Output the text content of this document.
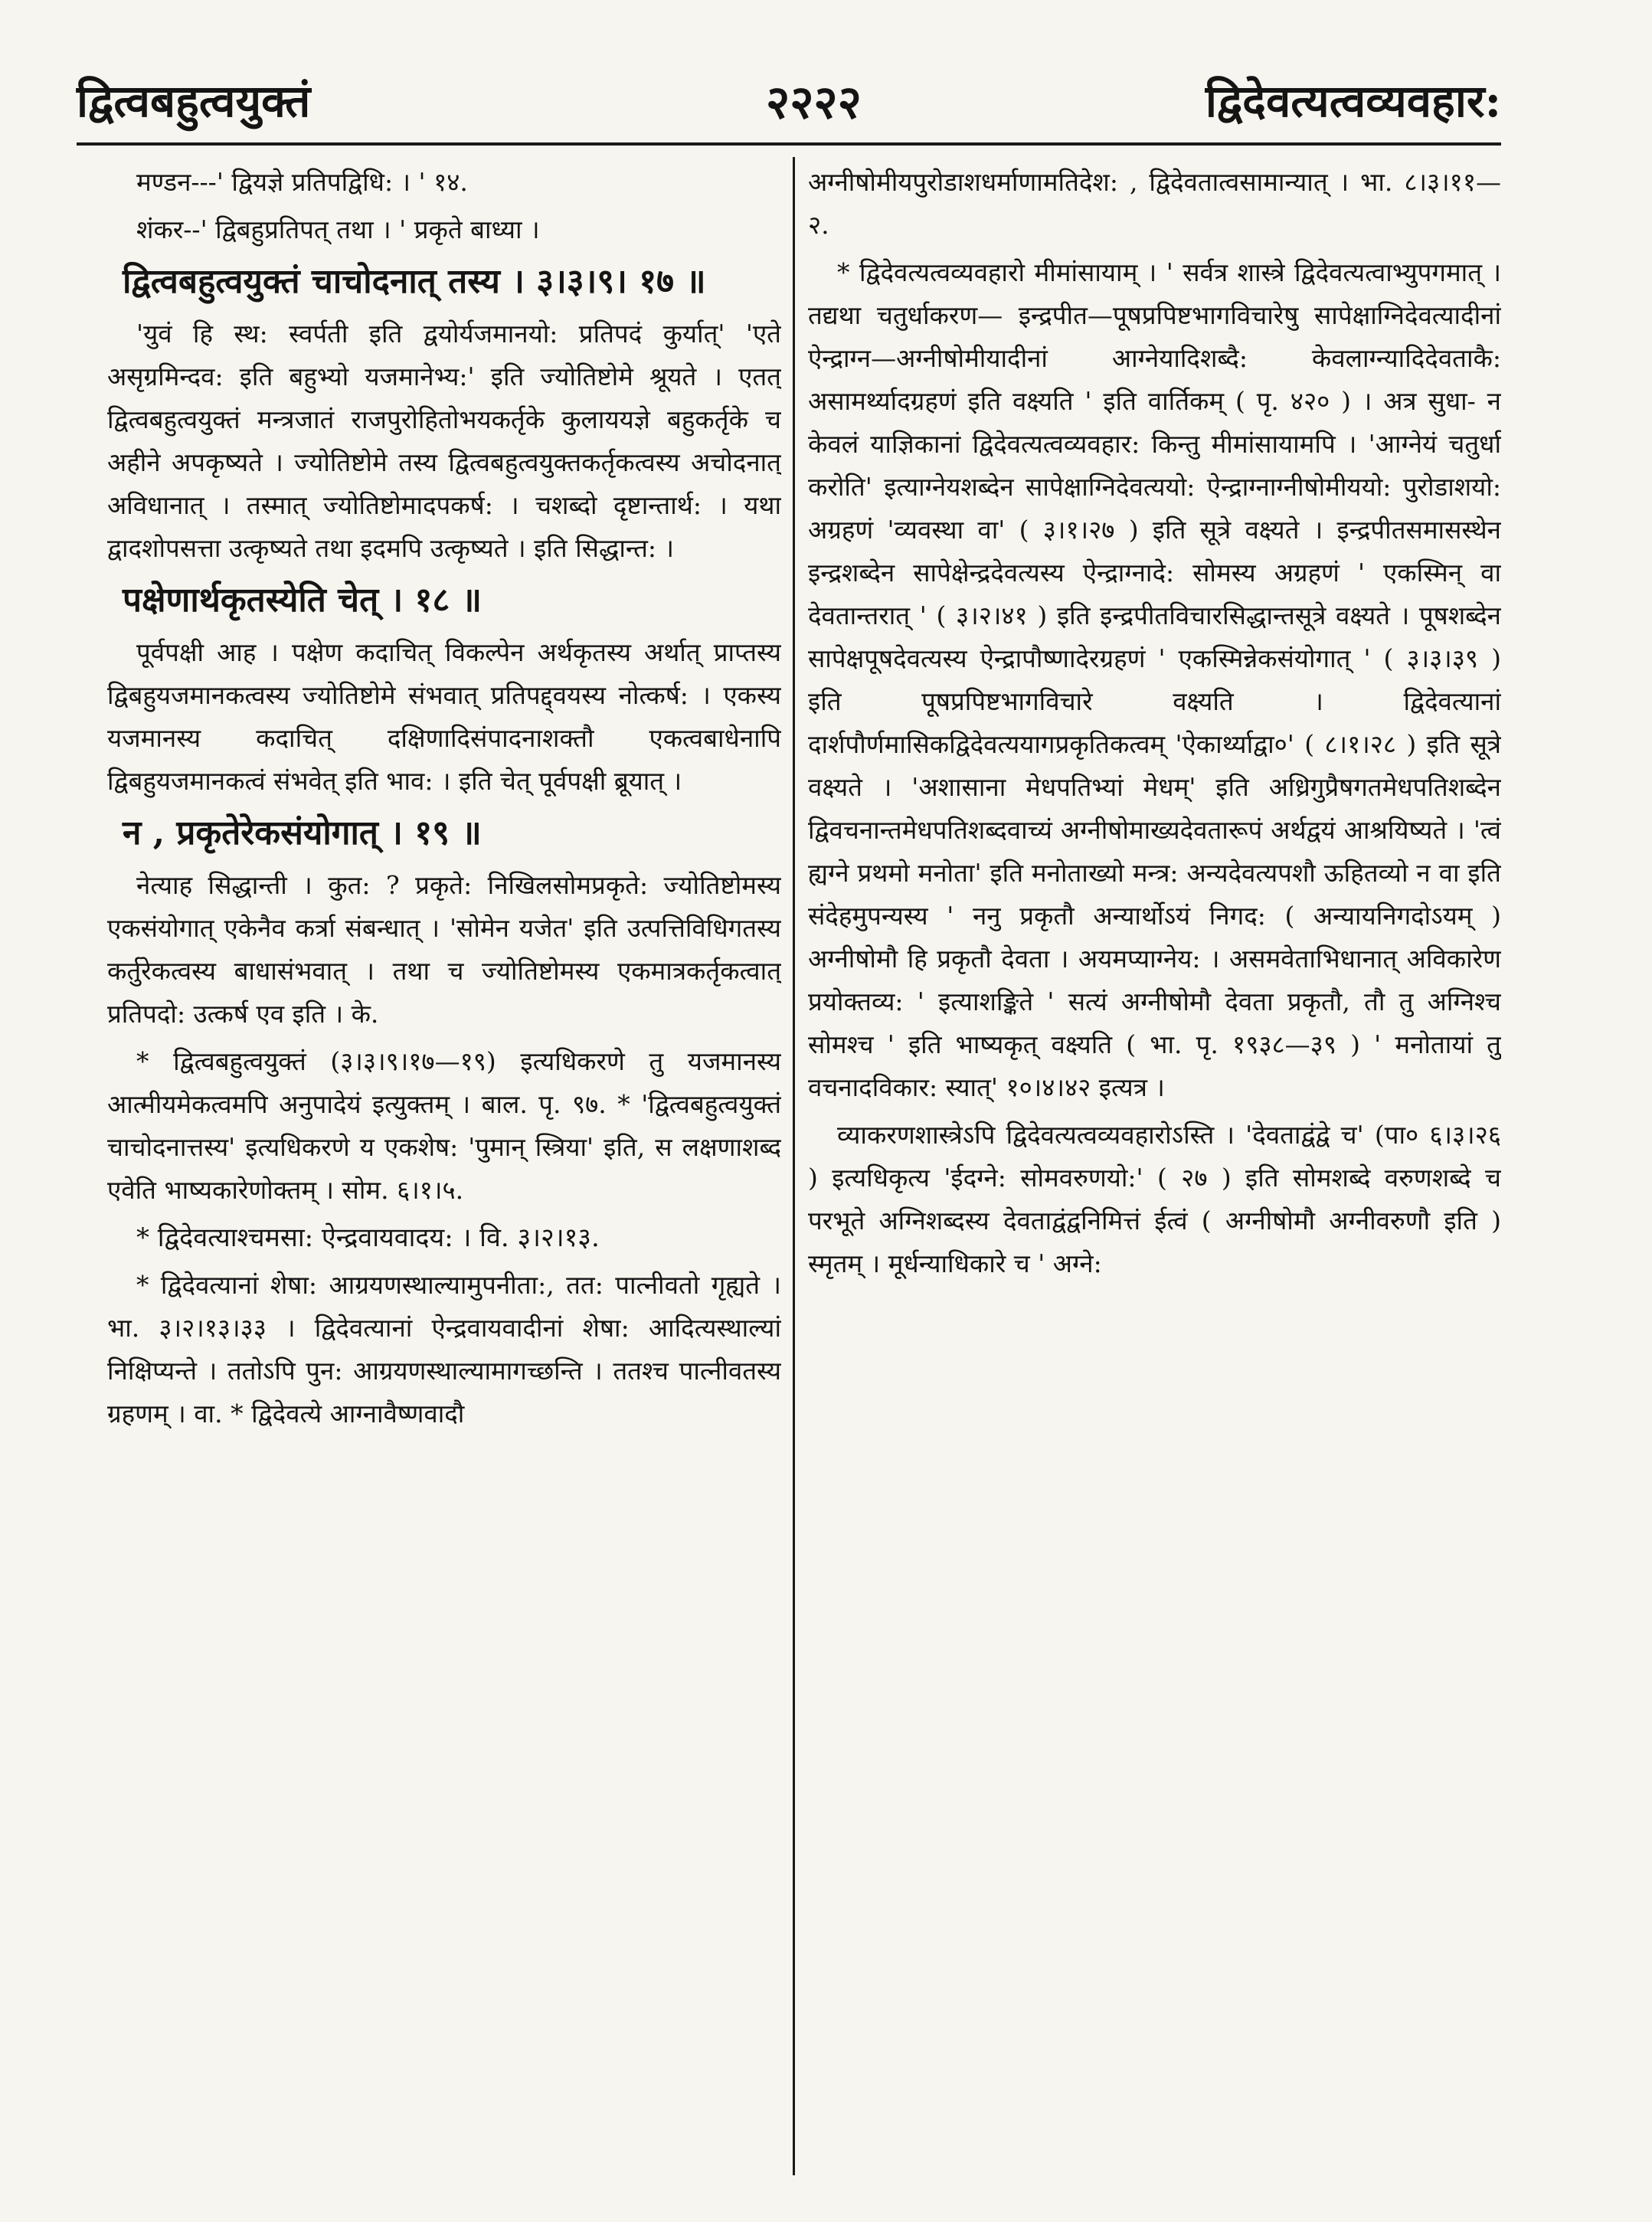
द्वित्वबहुत्वयुक्तं	२२२२	द्विदेवत्यत्वव्यवहार:

मण्डन---' द्वियज्ञे प्रतिपद्विधि: । ' १४.

शंकर--' द्विबहुप्रतिपत् तथा । ' प्रकृते बाध्या ।

द्वित्वबहुत्वयुक्तं चाचोदनात् तस्य । ३।३।९। १७ ॥

'युवं हि स्थ: स्वर्पती इति द्वयोर्यजमानयो: प्रतिपदं कुर्यात्' 'एते असृग्रमिन्दव: इति बहुभ्यो यजमानेभ्य:' इति ज्योतिष्टोमे श्रूयते । एतत् द्वित्वबहुत्वयुक्तं मन्त्रजातं राजपुरोहितोभयकर्तृके कुलायय‍ज्ञे बहुकर्तृके च अहीने अपकृष्यते । ज्योतिष्टोमे तस्य द्वित्वबहुत्वयुक्तकर्तृकत्वस्य अचोदनात् अविधानात् । तस्मात् ज्योतिष्टोमादपकर्ष: । चशब्दो दृष्टान्तार्थ: । यथा द्वादशोपसत्ता उत्कृष्यते तथा इदमपि उत्कृष्यते । इति सिद्धान्त: ।

पक्षेणार्थकृतस्येति चेत् । १८ ॥

पूर्वपक्षी आह । पक्षेण कदाचित् विकल्पेन अर्थकृतस्य अर्थात् प्राप्तस्य द्विबहुयजमानकत्वस्य ज्योतिष्टोमे संभवात् प्रतिपद्द्वयस्य नोत्कर्ष: । एकस्य यजमानस्य कदाचित् दक्षिणादिसंपादनाशक्तौ एकत्वबाधेनापि द्विबहुयजमानकत्वं संभवेत् इति भाव: । इति चेत् पूर्वपक्षी ब्रूयात् ।

न , प्रकृतेरेकसंयोगात् । १९ ॥

नेत्याह सिद्धान्ती । कुत: ? प्रकृते: निखिलसोमप्रकृते: ज्योतिष्टोमस्य एकसंयोगात् एकेनैव कर्त्रा संबन्धात् । 'सोमेन यजेत' इति उत्पत्तिविधिगतस्य कर्तुरेकत्वस्य बाधासंभवात् । तथा च ज्योतिष्टोमस्य एकमात्रकर्तृकत्वात् प्रतिपदो: उत्कर्ष एव इति । के.

* द्वित्वबहुत्वयुक्तं (३।३।९।१७—१९) इत्यधिकरणे तु यजमानस्य आत्मीयमेकत्वमपि अनुपादेयं इत्युक्तम् । बाल. पृ. ९७. * 'द्वित्वबहुत्वयुक्तं चाचोदनात्तस्य' इत्यधिकरणे य एकशेष: 'पुमान् स्त्रिया' इति, स लक्षणाशब्द एवेति भाष्यकारेणोक्तम् । सोम. ६।१।५.

* द्विदेवत्याश्चमसा: ऐन्द्रवायवादय: । वि. ३।२।१३.

* द्विदेवत्यानां शेषा: आग्रयणस्थाल्यामुपनीता:, तत: पात्नीवतो गृह्यते । भा. ३।२।१३।३३ । द्विदेवत्यानां ऐन्द्रवायवादीनां शेषा: आदित्यस्थाल्यां निक्षिप्यन्ते । ततोऽपि पुन: आग्रयणस्थाल्यामागच्छन्ति । ततश्च पात्नीवतस्य ग्रहणम् । वा. * द्विदेवत्ये आग्नावैष्णवादौ

अग्नीषोमीयपुरोडाशधर्माणामतिदेश: , द्विदेवतात्वसामान्यात् । भा. ८।३।११—२.

* द्विदेवत्यत्वव्यवहारो मीमांसायाम् । ' सर्वत्र शास्त्रे द्विदेवत्यत्वाभ्युपगमात् । तद्यथा चतुर्धाकरण— इन्द्रपीत—पूषप्रपिष्टभागविचारेषु सापेक्षाग्निदेवत्यादीनां ऐन्द्राग्न—अग्नीषोमीयादीनां आग्नेयादिशब्दै: केवलाग्न्यादिदेवताकै: असामर्थ्यादग्रहणं इति वक्ष्यति ' इति वार्तिकम् ( पृ. ४२० ) । अत्र सुधा- न केवलं याज्ञिकानां द्विदेवत्यत्वव्यवहार: किन्तु मीमांसायामपि । 'आग्नेयं चतुर्धा करोति' इत्याग्नेयशब्देन सापेक्षाग्निदेवत्ययो: ऐन्द्राग्नाग्नीषोमीययो: पुरोडाशयो: अग्रहणं 'व्यवस्था वा' ( ३।१।२७ ) इति सूत्रे वक्ष्यते । इन्द्रपीतसमासस्थेन इन्द्रशब्देन सापेक्षेन्द्रदेवत्यस्य ऐन्द्राग्नादे: सोमस्य अग्रहणं ' एकस्मिन् वा देवतान्तरात् ' ( ३।२।४१ ) इति इन्द्रपीतविचारसिद्धान्तसूत्रे वक्ष्यते । पूषशब्देन सापेक्षपूषदेवत्यस्य ऐन्द्रापौष्णादेरग्रहणं ' एकस्मिन्नेकसंयोगात् ' ( ३।३।३९ ) इति पूषप्रपिष्टभागविचारे वक्ष्यति । द्विदेवत्यानां दार्शपौर्णमासिकद्विदेवत्ययागप्रकृतिकत्वम् 'ऐकार्थ्याद्वा०' ( ८।१।२८ ) इति सूत्रे वक्ष्यते । 'अशासाना मेधपतिभ्यां मेधम्' इति अध्रिगुप्रैषगतमेधपतिशब्देन द्विवचनान्तमेधपतिशब्दवाच्यं अग्नीषोमाख्यदेवतारूपं अर्थद्वयं आश्रयिष्यते । 'त्वं ह्यग्ने प्रथमो मनोता' इति मनोताख्यो मन्त्र: अन्यदेवत्यपशौ ऊहितव्यो न वा इति संदेहमुपन्यस्य ' ननु प्रकृतौ अन्यार्थोऽयं निगद: ( अन्यायनिगदोऽयम् ) अग्नीषोमौ हि प्रकृतौ देवता । अयमप्याग्नेय: । असमवेताभिधानात् अविकारेण प्रयोक्तव्य: ' इत्याशङ्किते ' सत्यं अग्नीषोमौ देवता प्रकृतौ, तौ तु अग्निश्च सोमश्च ' इति भाष्यकृत् वक्ष्यति ( भा. पृ. १९३८—३९ ) ' मनोतायां तु वचनादविकार: स्यात्' १०।४।४२ इत्यत्र ।

व्याकरणशास्त्रेऽपि द्विदेवत्यत्वव्यवहारोऽस्ति । 'देवताद्वंद्वे च' (पा० ६।३।२६ ) इत्यधिकृत्य 'ईदग्ने: सोमवरुणयो:' ( २७ ) इति सोमशब्दे वरुणशब्दे च परभूते अग्निशब्दस्य देवताद्वंद्वनिमित्तं ईत्वं ( अग्नीषोमौ अग्नीवरुणौ इति ) स्मृतम् । मूर्धन्याधिकारे च ' अग्ने:
